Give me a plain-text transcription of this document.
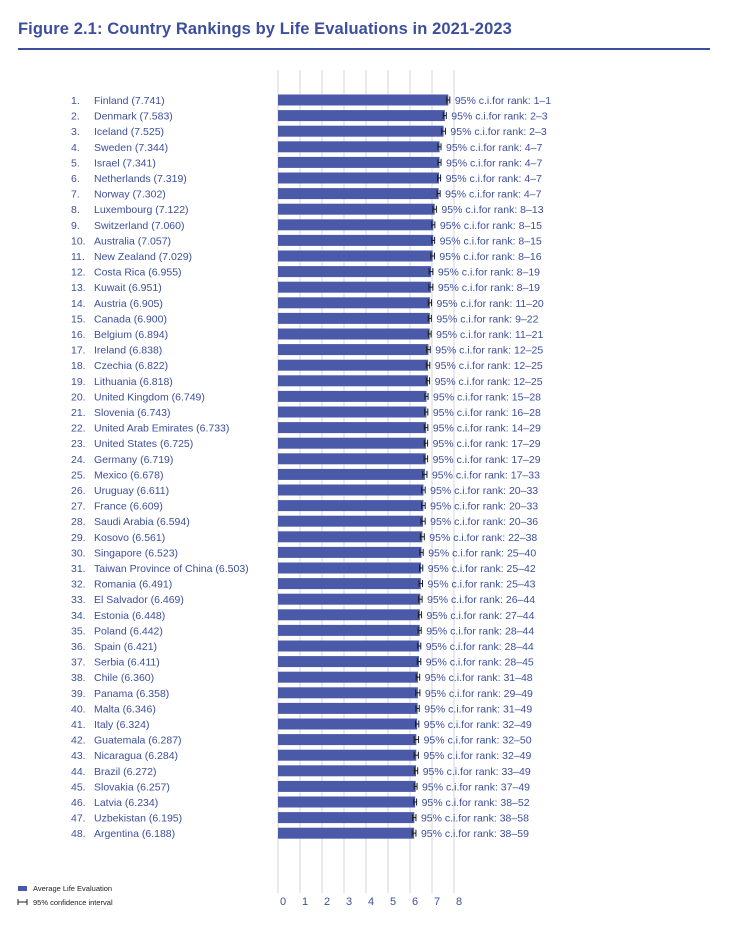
Figure 2.1: Country Rankings by Life Evaluations in 2021-2023
1. Finland (7.741)	95% c.i.for rank: 1–1
2. Denmark (7.583)	95% c.i.for rank: 2–3
3. Iceland (7.525)	95% c.i.for rank: 2–3
4. Sweden (7.344)	95% c.i.for rank: 4–7
5. Israel (7.341)	95% c.i.for rank: 4–7
6. Netherlands (7.319)	95% c.i.for rank: 4–7
7. Norway (7.302)	95% c.i.for rank: 4–7
8. Luxembourg (7.122)	95% c.i.for rank: 8–13
9. Switzerland (7.060)	95% c.i.for rank: 8–15
10. Australia (7.057)	95% c.i.for rank: 8–15
11. New Zealand (7.029)	95% c.i.for rank: 8–16
12. Costa Rica (6.955)	95% c.i.for rank: 8–19
13. Kuwait (6.951)	95% c.i.for rank: 8–19
14. Austria (6.905)	95% c.i.for rank: 11–20
15. Canada (6.900)	95% c.i.for rank: 9–22
16. Belgium (6.894)	95% c.i.for rank: 11–21
17. Ireland (6.838)	95% c.i.for rank: 12–25
18. Czechia (6.822)	95% c.i.for rank: 12–25
19. Lithuania (6.818)	95% c.i.for rank: 12–25
20. United Kingdom (6.749)	95% c.i.for rank: 15–28
21. Slovenia (6.743)	95% c.i.for rank: 16–28
22. United Arab Emirates (6.733)	95% c.i.for rank: 14–29
23. United States (6.725)	95% c.i.for rank: 17–29
24. Germany (6.719)	95% c.i.for rank: 17–29
25. Mexico (6.678)	95% c.i.for rank: 17–33
26. Uruguay (6.611)	95% c.i.for rank: 20–33
27. France (6.609)	95% c.i.for rank: 20–33
28. Saudi Arabia (6.594)	95% c.i.for rank: 20–36
29. Kosovo (6.561)	95% c.i.for rank: 22–38
30. Singapore (6.523)	95% c.i.for rank: 25–40
31. Taiwan Province of China (6.503)	95% c.i.for rank: 25–42
32. Romania (6.491)	95% c.i.for rank: 25–43
33. El Salvador (6.469)	95% c.i.for rank: 26–44
34. Estonia (6.448)	95% c.i.for rank: 27–44
35. Poland (6.442)	95% c.i.for rank: 28–44
36. Spain (6.421)	95% c.i.for rank: 28–44
37. Serbia (6.411)	95% c.i.for rank: 28–45
38. Chile (6.360)	95% c.i.for rank: 31–48
39. Panama (6.358)	95% c.i.for rank: 29–49
40. Malta (6.346)	95% c.i.for rank: 31–49
41. Italy (6.324)	95% c.i.for rank: 32–49
42. Guatemala (6.287)	95% c.i.for rank: 32–50
43. Nicaragua (6.284)	95% c.i.for rank: 32–49
44. Brazil (6.272)	95% c.i.for rank: 33–49
45. Slovakia (6.257)	95% c.i.for rank: 37–49
46. Latvia (6.234)	95% c.i.for rank: 38–52
47. Uzbekistan (6.195)	95% c.i.for rank: 38–58
48. Argentina (6.188)	95% c.i.for rank: 38–59
0 1 2 3 4 5 6 7 8
Average Life Evaluation
95% confidence interval
